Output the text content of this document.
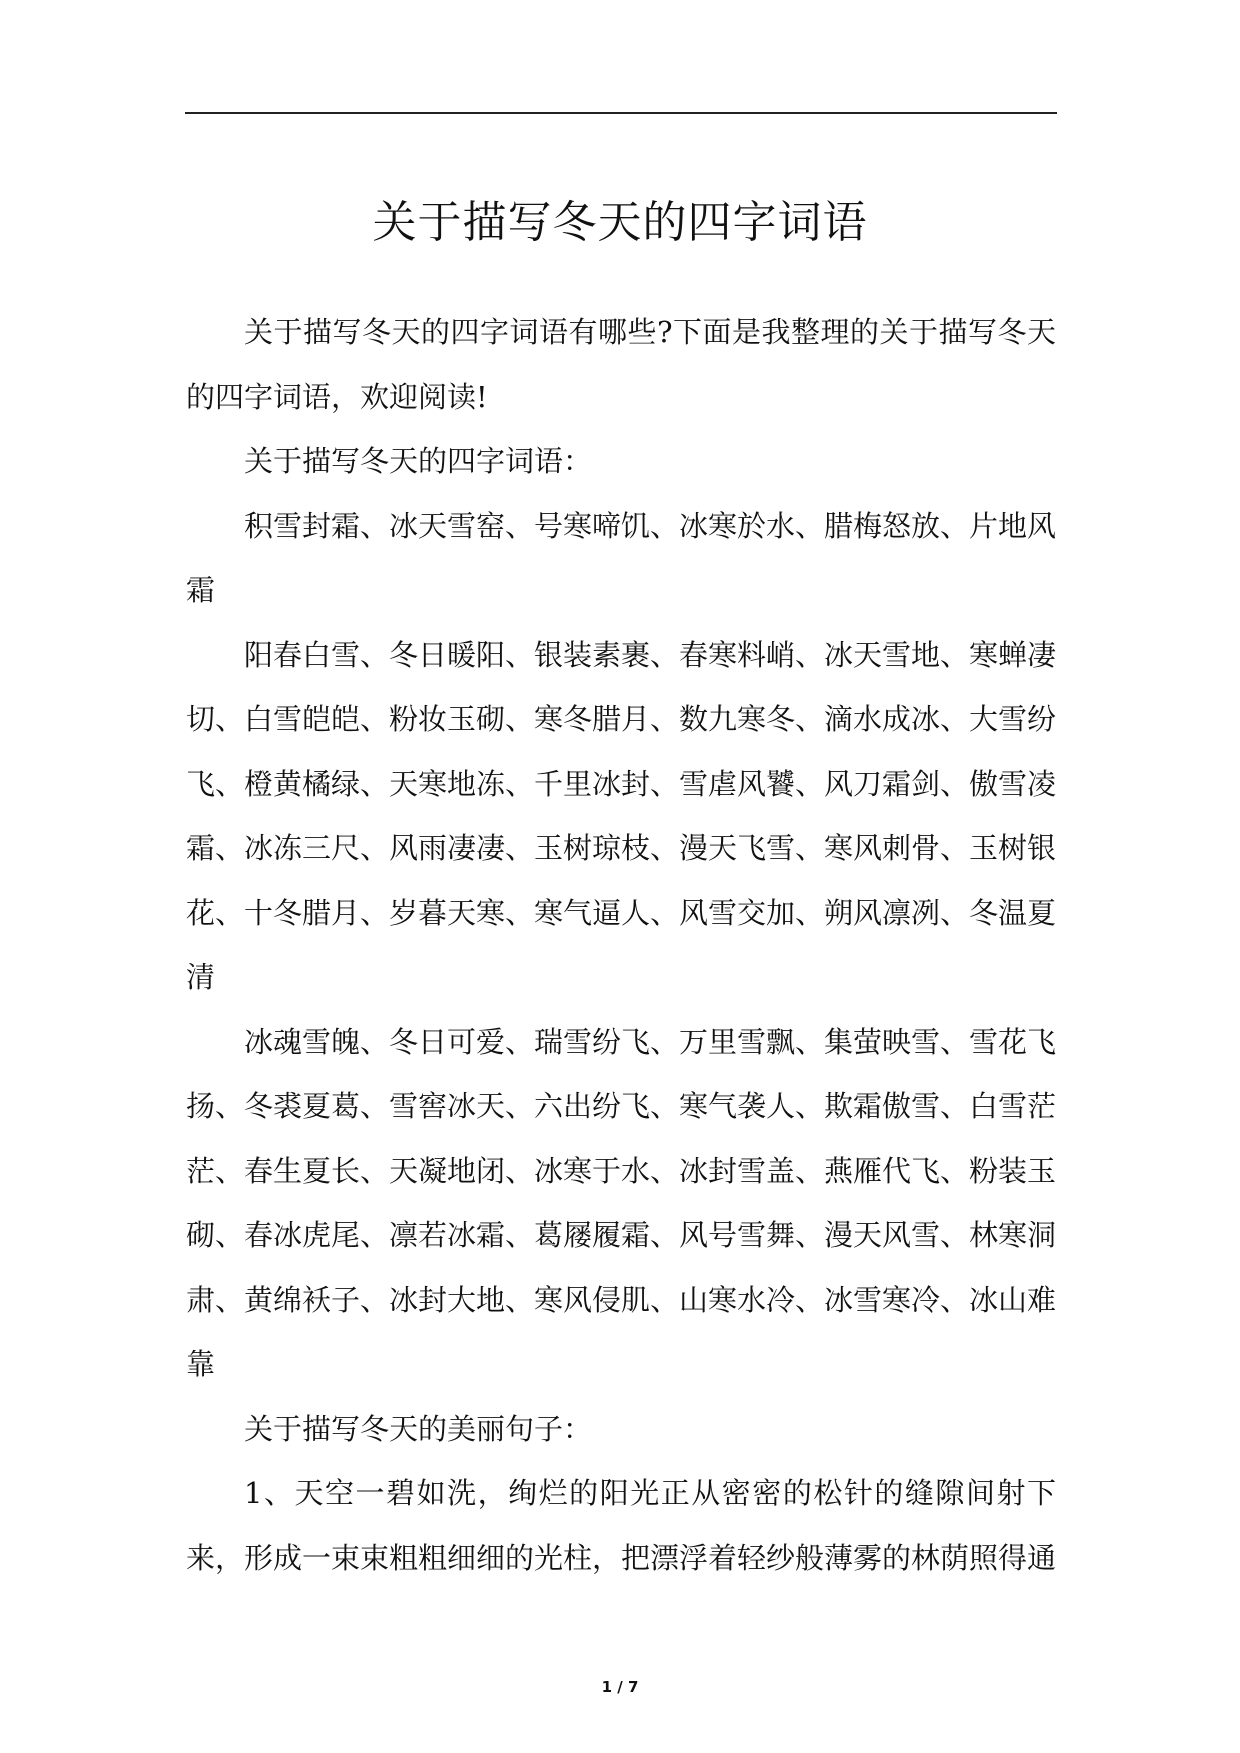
关于描写冬天的四字词语

关于描写冬天的四字词语有哪些?下面是我整理的关于描写冬天的四字词语，欢迎阅读!

关于描写冬天的四字词语：

积雪封霜、冰天雪窑、号寒啼饥、冰寒於水、腊梅怒放、片地风霜

阳春白雪、冬日暖阳、银装素裹、春寒料峭、冰天雪地、寒蝉凄切、白雪皑皑、粉妆玉砌、寒冬腊月、数九寒冬、滴水成冰、大雪纷飞、橙黄橘绿、天寒地冻、千里冰封、雪虐风饕、风刀霜剑、傲雪凌霜、冰冻三尺、风雨凄凄、玉树琼枝、漫天飞雪、寒风刺骨、玉树银花、十冬腊月、岁暮天寒、寒气逼人、风雪交加、朔风凛冽、冬温夏清

冰魂雪魄、冬日可爱、瑞雪纷飞、万里雪飘、集萤映雪、雪花飞扬、冬裘夏葛、雪窖冰天、六出纷飞、寒气袭人、欺霜傲雪、白雪茫茫、春生夏长、天凝地闭、冰寒于水、冰封雪盖、燕雁代飞、粉装玉砌、春冰虎尾、凛若冰霜、葛屦履霜、风号雪舞、漫天风雪、林寒洞肃、黄绵袄子、冰封大地、寒风侵肌、山寒水冷、冰雪寒冷、冰山难靠

关于描写冬天的美丽句子：

1、天空一碧如洗，绚烂的阳光正从密密的松针的缝隙间射下来，形成一束束粗粗细细的光柱，把漂浮着轻纱般薄雾的林荫照得通

1 / 7
